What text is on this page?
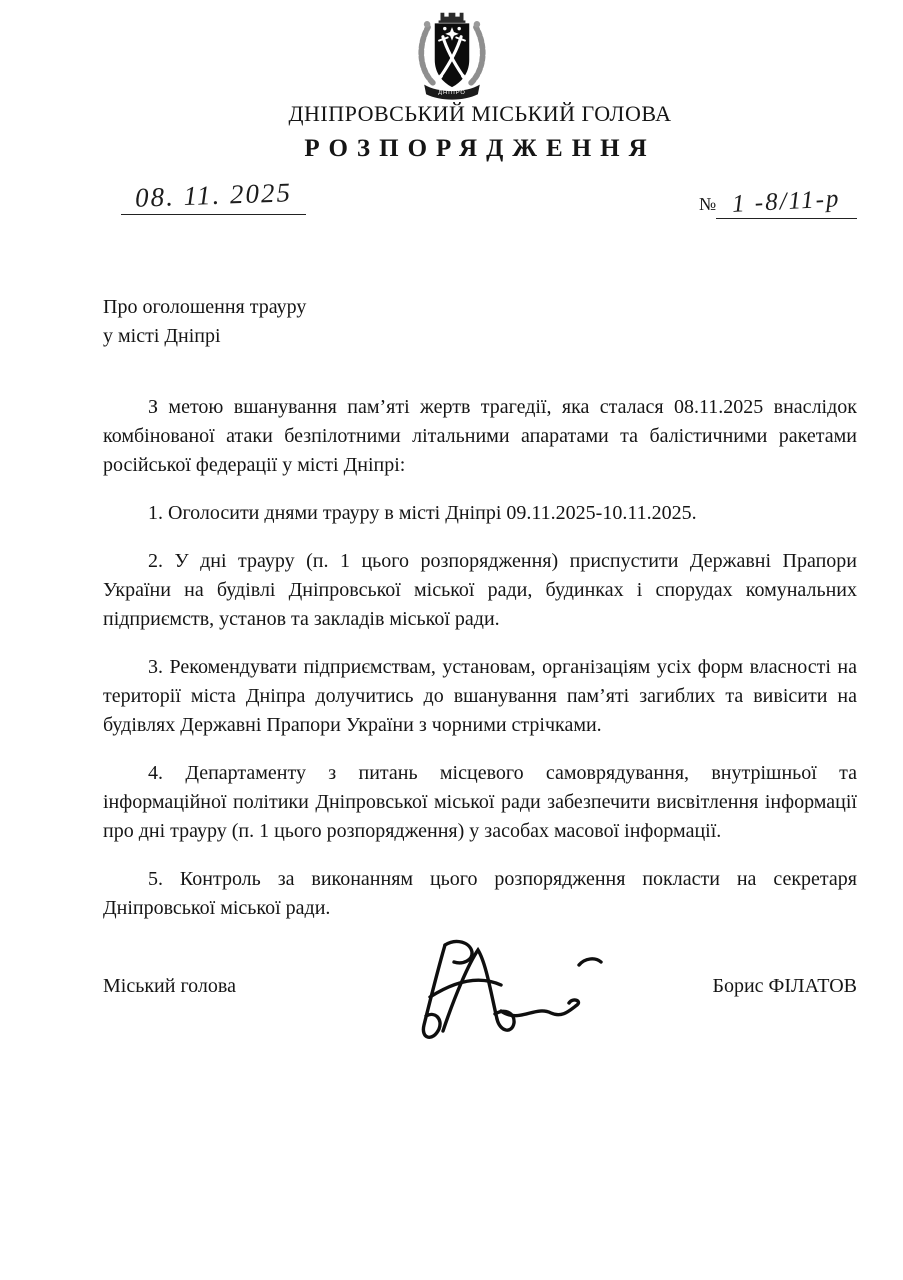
ДНІПРО
ДНІПРОВСЬКИЙ МІСЬКИЙ ГОЛОВА
РОЗПОРЯДЖЕННЯ
08. 11. 2025	№ 1 -8/11-р
Про оголошення трауру
у місті Дніпрі

З метою вшанування пам’яті жертв трагедії, яка сталася 08.11.2025 внаслідок комбінованої атаки безпілотними літальними апаратами та балістичними ракетами російської федерації у місті Дніпрі:

1. Оголосити днями трауру в місті Дніпрі 09.11.2025-10.11.2025.

2. У дні трауру (п. 1 цього розпорядження) приспустити Державні Прапори України на будівлі Дніпровської міської ради, будинках і спорудах комунальних підприємств, установ та закладів міської ради.

3. Рекомендувати підприємствам, установам, організаціям усіх форм власності на території міста Дніпра долучитись до вшанування пам’яті загиблих та вивісити на будівлях Державні Прапори України з чорними стрічками.

4. Департаменту з питань місцевого самоврядування, внутрішньої та інформаційної політики Дніпровської міської ради забезпечити висвітлення інформації про дні трауру (п. 1 цього розпорядження) у засобах масової інформації.

5. Контроль за виконанням цього розпорядження покласти на секретаря Дніпровської міської ради.

Міський голова	Борис ФІЛАТОВ
